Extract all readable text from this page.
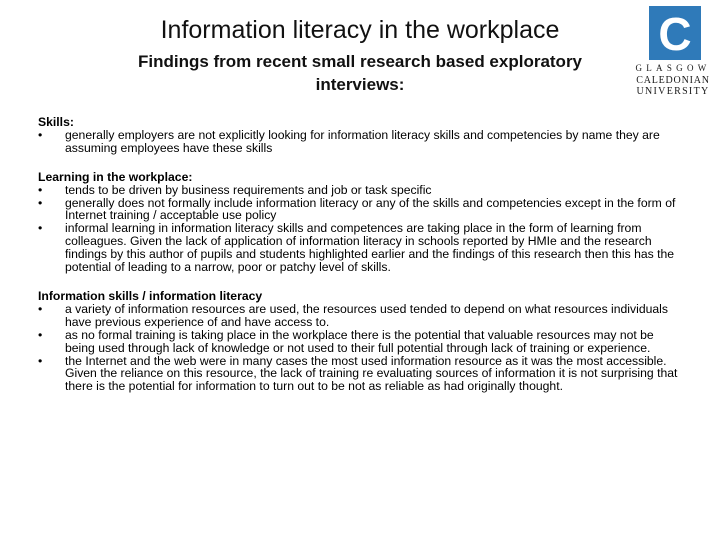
Information literacy in the workplace
Findings from recent small research based exploratory interviews:
C
GLASGOW
CALEDONIAN
UNIVERSITY
Skills:
•	generally employers are not explicitly looking for information literacy skills and competencies by name they are assuming employees have these skills
Learning in the workplace:
•	tends to be driven by business requirements and job or task specific
•	generally does not formally include information literacy or any of the skills and competencies except in the form of Internet training / acceptable use policy
•	informal learning in information literacy skills and competences are taking place in the form of learning from colleagues. Given the lack of application of information literacy in schools reported by HMIe and the research findings by this author of pupils and students highlighted earlier and the findings of this research then this has the potential of leading to a narrow, poor or patchy level of skills.
Information skills / information literacy
•	a variety of information resources are used, the resources used tended to depend on what resources individuals have previous experience of and have access to.
•	as no formal training is taking place in the workplace there is the potential that valuable resources may not be being used through lack of knowledge or not used to their full potential through lack of training or experience.
•	the Internet and the web were in many cases the most used information resource as it was the most accessible. Given the reliance on this resource, the lack of training re evaluating sources of information it is not surprising that there is the potential for information to turn out to be not as reliable as had originally thought.
